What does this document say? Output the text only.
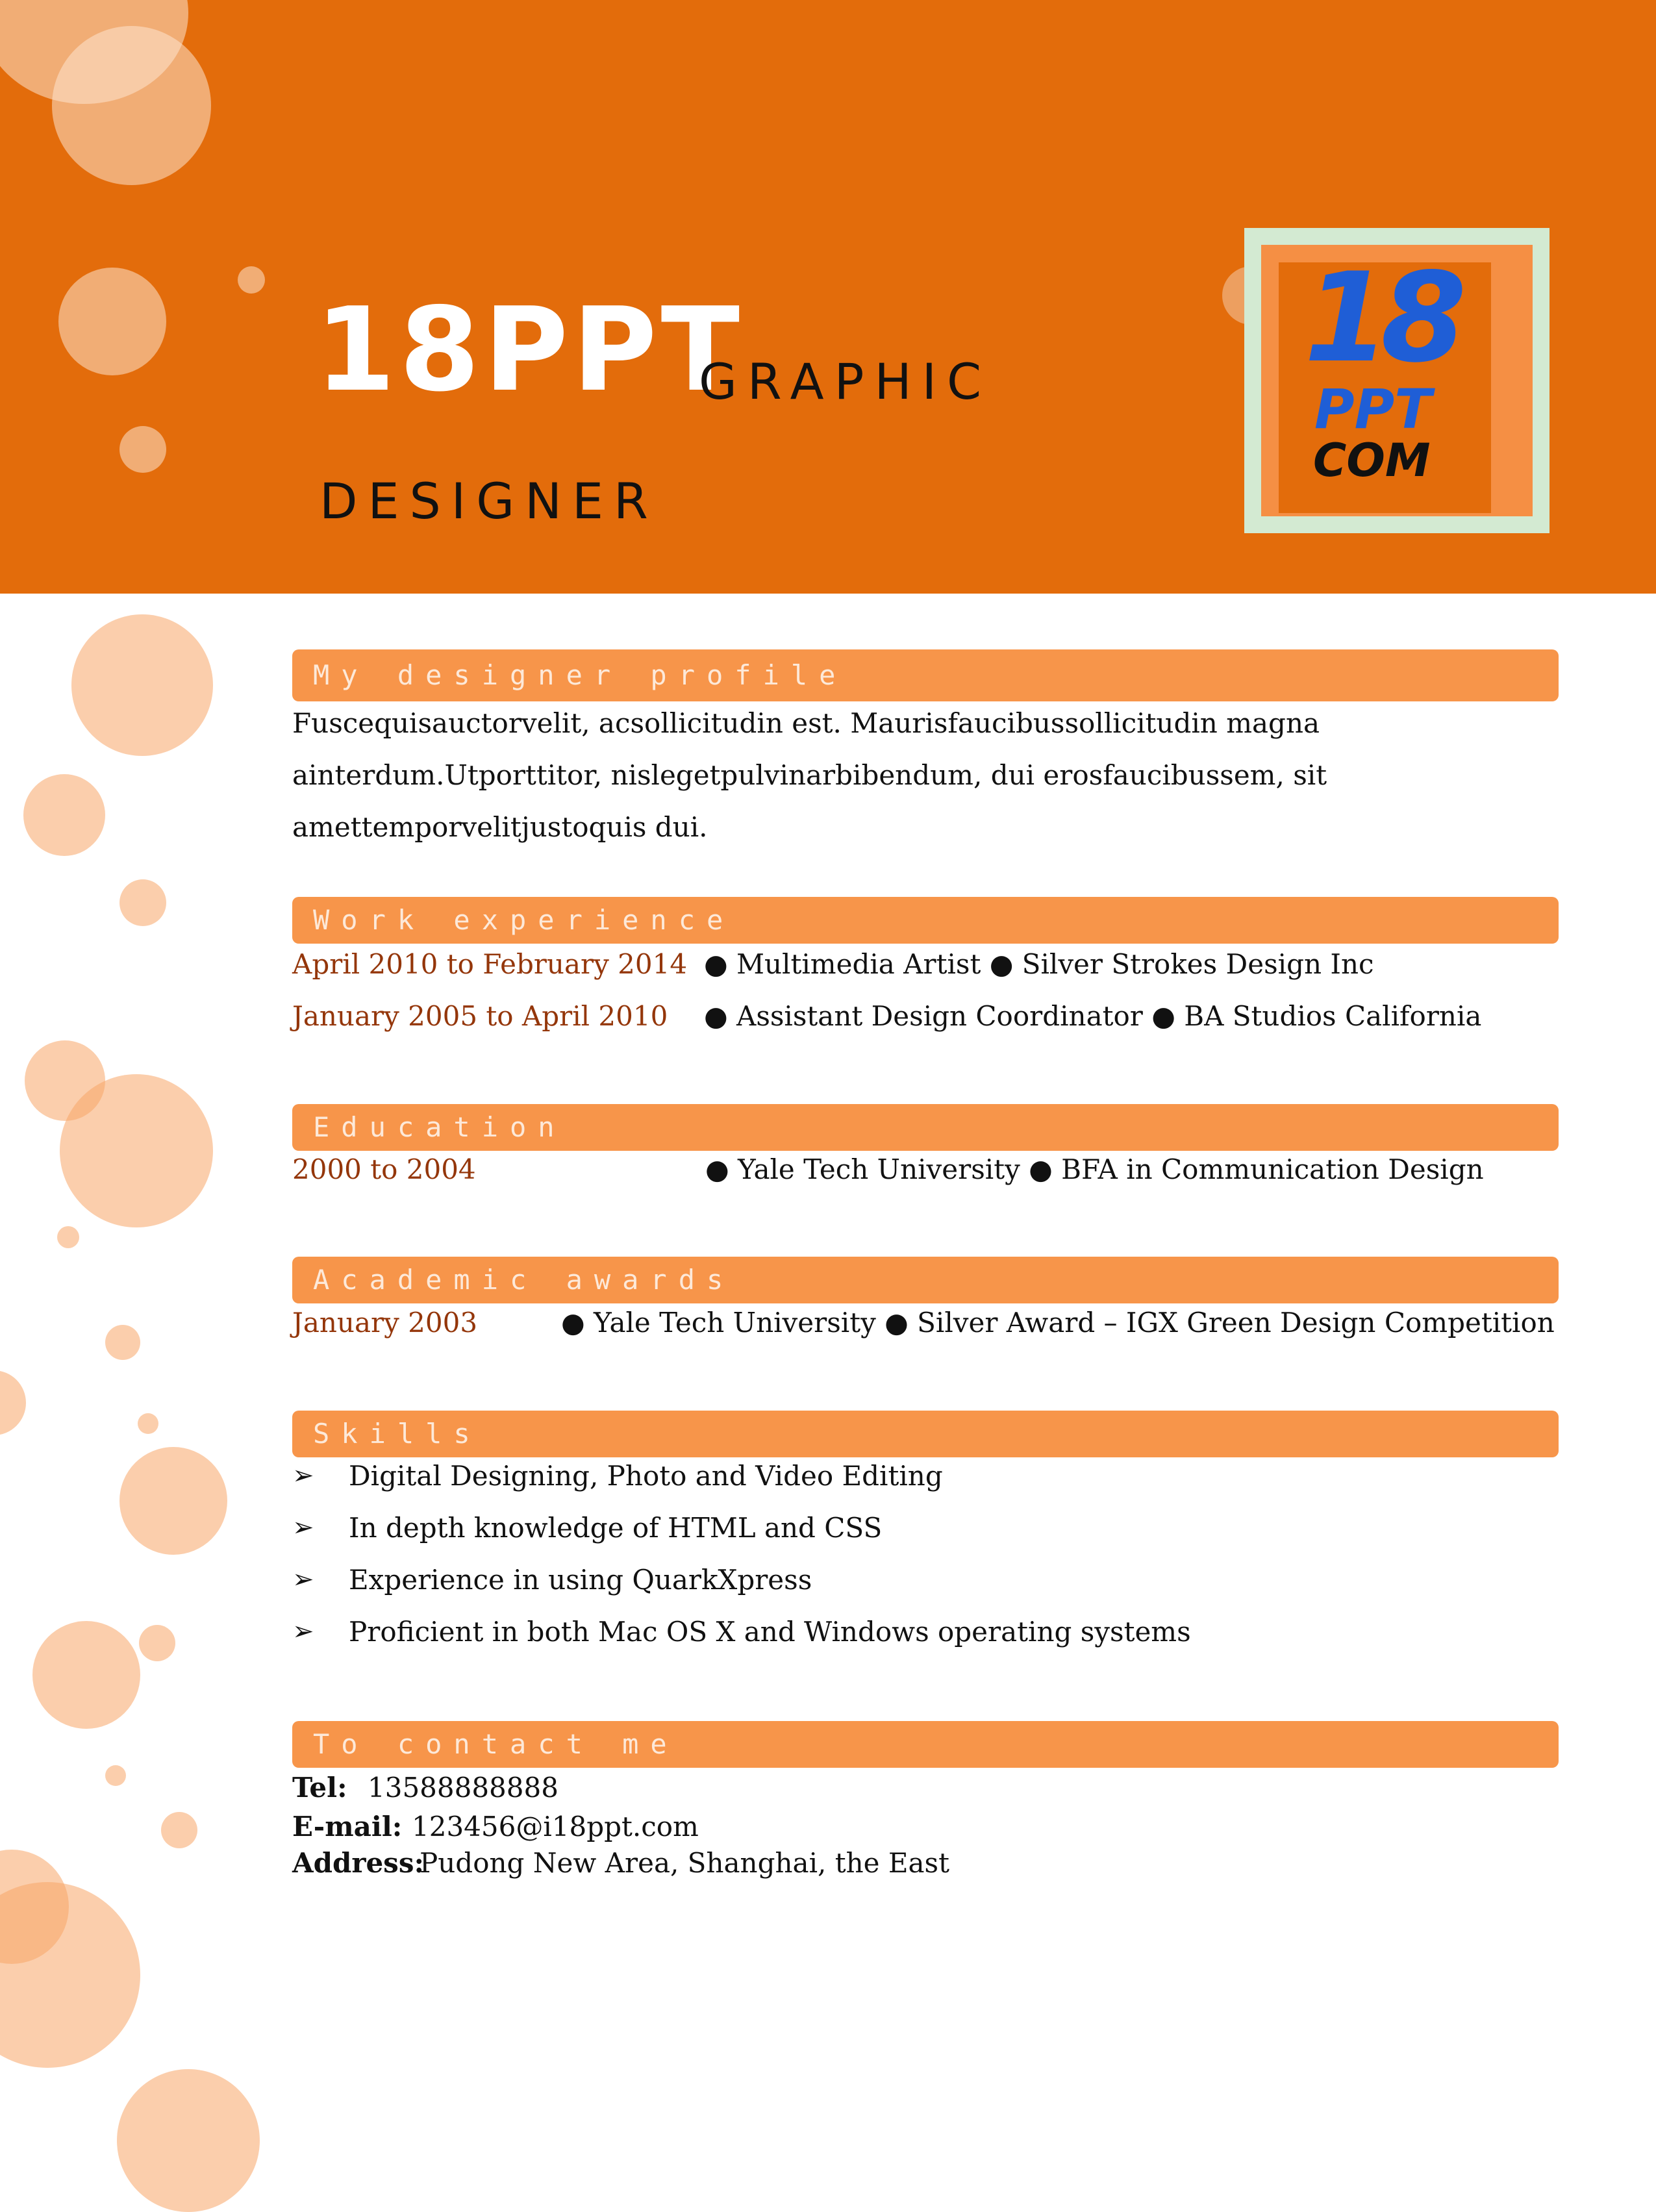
18PPT
GRAPHIC
DESIGNER
18
PPT
COM
My designer profile
Fuscequisauctorvelit, acsollicitudin est. Maurisfaucibussollicitudin magna
ainterdum.Utporttitor, nislegetpulvinarbibendum, dui erosfaucibussem, sit
amettemporvelitjustoquis dui.
Work experience
April 2010 to February 2014 ● Multimedia Artist ● Silver Strokes Design Inc
January 2005 to April 2010 ● Assistant Design Coordinator ● BA Studios California
Education
2000 to 2004	● Yale Tech University ● BFA in Communication Design
Academic awards
January 2003	● Yale Tech University ● Silver Award – IGX Green Design Competition
Skills
➢ Digital Designing, Photo and Video Editing
➢ In depth knowledge of HTML and CSS
➢ Experience in using QuarkXpress
➢ Proficient in both Mac OS X and Windows operating systems
To contact me
Tel: 13588888888
E-mail: 123456@i18ppt.com
Address:
Pudong New Area, Shanghai, the East
